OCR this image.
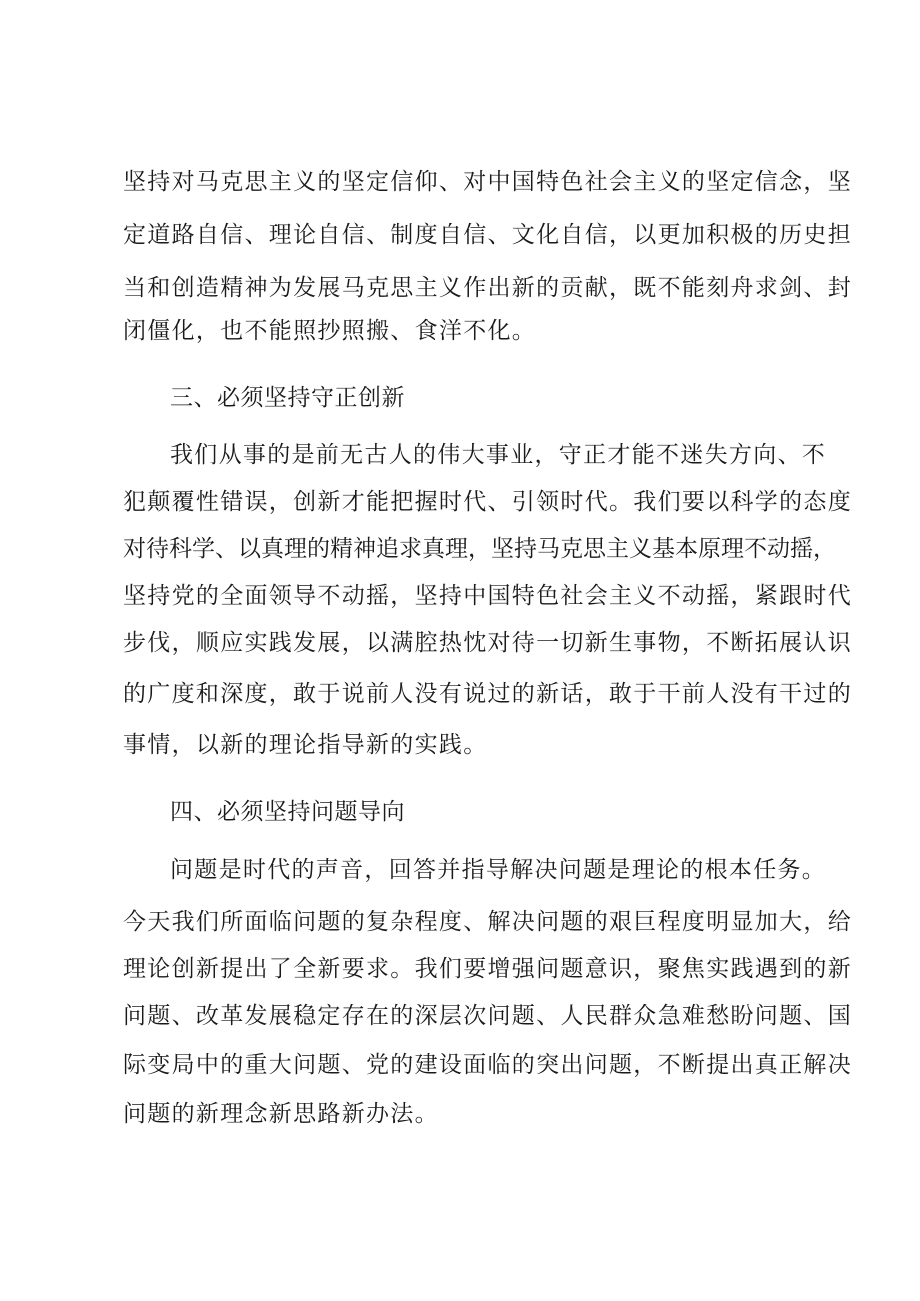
坚持对马克思主义的坚定信仰、对中国特色社会主义的坚定信念，坚
定道路自信、理论自信、制度自信、文化自信，以更加积极的历史担
当和创造精神为发展马克思主义作出新的贡献，既不能刻舟求剑、封
闭僵化，也不能照抄照搬、食洋不化。
三、必须坚持守正创新
我们从事的是前无古人的伟大事业，守正才能不迷失方向、不
犯颠覆性错误，创新才能把握时代、引领时代。我们要以科学的态度
对待科学、以真理的精神追求真理，坚持马克思主义基本原理不动摇，
坚持党的全面领导不动摇，坚持中国特色社会主义不动摇，紧跟时代
步伐，顺应实践发展，以满腔热忱对待一切新生事物，不断拓展认识
的广度和深度，敢于说前人没有说过的新话，敢于干前人没有干过的
事情，以新的理论指导新的实践。
四、必须坚持问题导向
问题是时代的声音，回答并指导解决问题是理论的根本任务。
今天我们所面临问题的复杂程度、解决问题的艰巨程度明显加大，给
理论创新提出了全新要求。我们要增强问题意识，聚焦实践遇到的新
问题、改革发展稳定存在的深层次问题、人民群众急难愁盼问题、国
际变局中的重大问题、党的建设面临的突出问题，不断提出真正解决
问题的新理念新思路新办法。
